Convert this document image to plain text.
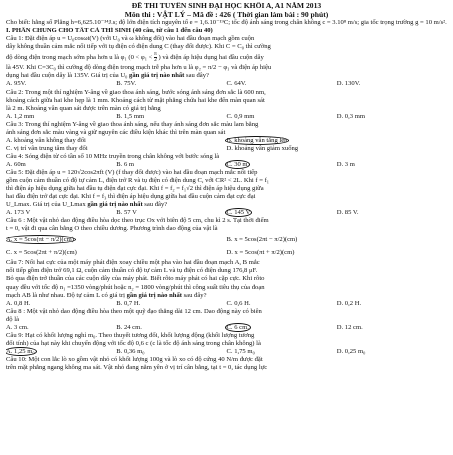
ĐỀ THI TUYỂN SINH ĐẠI HỌC KHỐI A, A1 NĂM 2013
Môn thi : VẬT LÝ – Mã đề : 426 ( Thời gian làm bài : 90 phút)
Cho biết: hằng số Plăng h=6,625.10⁻³⁴J.s; độ lớn điện tích nguyên tố e = 1,6.10⁻¹⁹C; tốc độ ánh sáng trong chân không c = 3.10⁸ m/s; gia tốc trọng trường g = 10 m/s².
I. PHẦN CHUNG CHO TẤT CẢ THÍ SINH (40 câu, từ câu 1 đến câu 40)
Câu 1: Đặt điện áp u = U₀cosωt(V) (với U₀ và ω không đổi) vào hai đầu đoạn mạch gồm cuộn
dây không thuần cảm mắc nối tiếp với tụ điện có điện dung C (thay đổi được). Khi C = C₀ thì cường
độ dòng điện trong mạch sớm pha hơn u là φ₁ ($0 < \varphi_1 < \frac{\pi}{2}$ ) và điện áp hiệu dụng hai đầu cuộn dây
là 45V. Khi C=3C₀ thì cường độ dòng điện trong mạch trễ pha hơn u là φ₂ = π/2 − φ₁ và điện áp hiệu
dụng hai đầu cuộn dây là 135V. Giá trị của U₀ gần giá trị nào nhất sau đây?
A. 95V.	B. 75V.	C. 64V.	D. 130V.
Câu 2: Trong một thí nghiệm Y-âng về giao thoa ánh sáng, bước sóng ánh sáng đơn sắc là 600 nm,
khoảng cách giữa hai khe hẹp là 1 mm. Khoảng cách từ mặt phẳng chứa hai khe đến màn quan sát
là 2 m. Khoảng vân quan sát được trên màn có giá trị bằng
A. 1,2 mm	B. 1,5 mm	C. 0,9 mm	D. 0,3 mm
Câu 3: Trong thí nghiệm Y-âng về giao thoa ánh sáng, nếu thay ánh sáng đơn sắc màu lam bằng
ánh sáng đơn sắc màu vàng và giữ nguyên các điều kiện khác thì trên màn quan sát
A. khoảng vân không thay đổi	B. khoảng vân tăng lên
C. vị trí vân trung tâm thay đổi	D. khoảng vân giảm xuống
Câu 4: Sóng điện từ có tần số 10 MHz truyền trong chân không với bước sóng là
A. 60m	B. 6 m	C. 30 m	D. 3 m
Câu 5: Đặt điện áp u = 120√2cos2πft (V) (f thay đổi được) vào hai đầu đoạn mạch mắc nối tiếp
gồm cuộn cảm thuần có độ tự cảm L, điện trở R và tụ điện có điện dung C, với CR² < 2L. Khi f = f₁
thì điện áp hiệu dụng giữa hai đầu tụ điện đạt cực đại. Khi f = f₂ = f₁√2 thì điện áp hiệu dụng giữa
hai đầu điện trở đạt cực đại. Khi f = f₃ thì điện áp hiệu dụng giữa hai đầu cuộn cảm đạt cực đại
U_Lmax. Giá trị của U_Lmax gần giá trị nào nhất sau đây?
A. 173 V	B. 57 V	C. 145 V	D. 85 V.
Câu 6 : Một vật nhỏ dao động điều hòa dọc theo trục Ox với biên độ 5 cm, chu kì 2 s. Tại thời điểm
t = 0, vật đi qua cân bằng O theo chiều dương. Phương trình dao động của vật là
A. x = 5cos(πt − π/2)(cm)	B. x = 5cos(2πt − π/2)(cm)
C. x = 5cos(2πt + π/2)(cm)	D. x = 5cos(πt + π/2)(cm)
Câu 7: Nối hai cực của một máy phát điện xoay chiều một pha vào hai đầu đoạn mạch A, B mắc
nối tiếp gồm điện trở 69,1 Ω, cuộn cảm thuần có độ tự cảm L và tụ điện có điện dung 176,8 μF.
Bỏ qua điện trở thuần của các cuộn dây của máy phát. Biết rôto máy phát có hai cặp cực. Khi rôto
quay đều với tốc độ n₁ =1350 vòng/phút hoặc n₂ = 1800 vòng/phút thì công suất tiêu thụ của đoạn
mạch AB là như nhau. Độ tự cảm L có giá trị gần giá trị nào nhất sau đây?
A. 0,8 H.	B. 0,7 H.	C. 0,6 H.	D. 0,2 H.
Câu 8 : Một vật nhỏ dao động điều hòa theo một quỹ đạo thẳng dài 12 cm. Dao động này có biên
độ là
A. 3 cm.	B. 24 cm.	C. 6 cm.	D. 12 cm.
Câu 9: Hạt có khối lượng nghỉ m₀. Theo thuyết tương đối, khối lượng động (khối lượng tương
đối tính) của hạt này khi chuyển động với tốc độ 0,6 c (c là tốc độ ánh sáng trong chân không) là
A. 1,25 m₀	B. 0,36 m₀	C. 1,75 m₀	D. 0,25 m₀
Câu 10: Một con lắc lò xo gồm vật nhỏ có khối lượng 100g và lò xo có độ cứng 40 N/m được đặt
trên mặt phẳng ngang không ma sát. Vật nhỏ đang nằm yên ở vị trí cân bằng, tại t = 0, tác dụng lực
